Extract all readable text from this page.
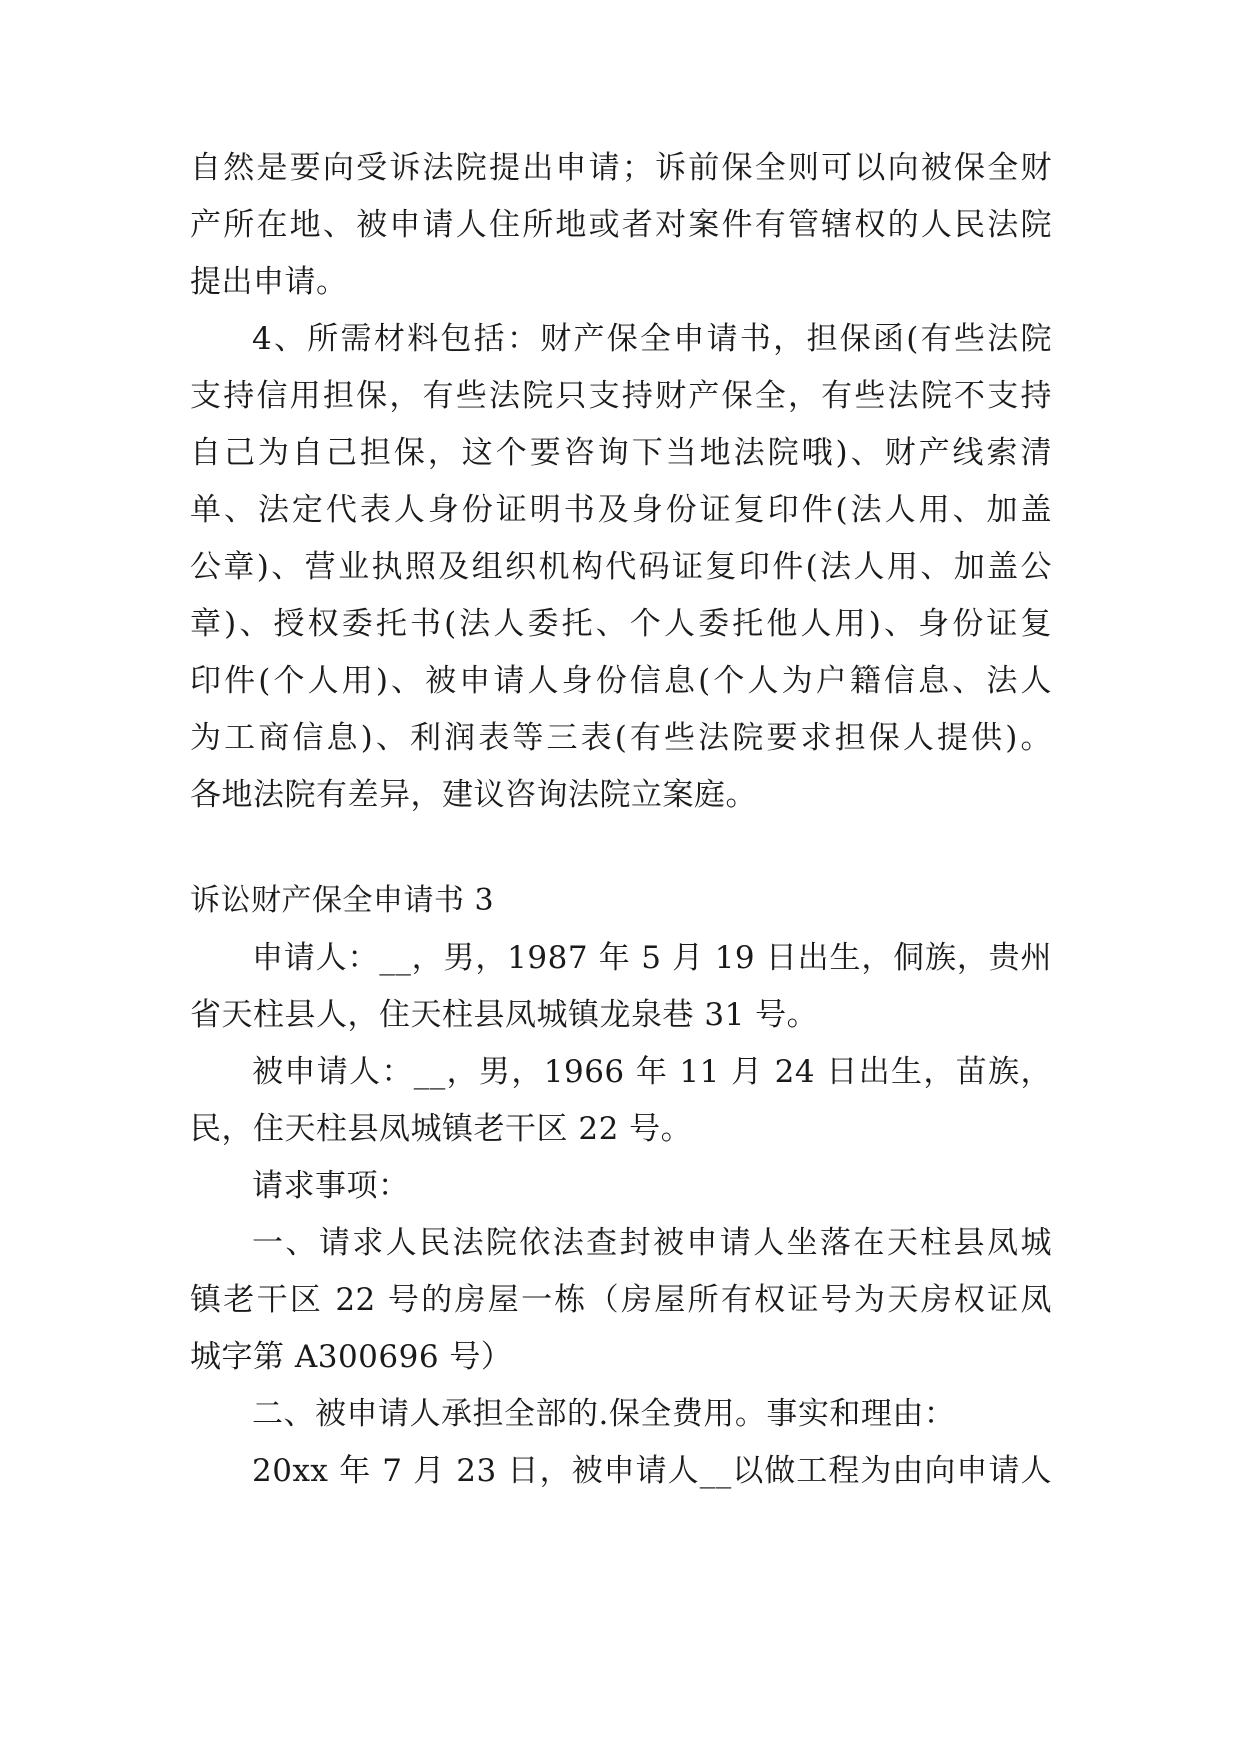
自然是要向受诉法院提出申请；诉前保全则可以向被保全财
产所在地、被申请人住所地或者对案件有管辖权的人民法院
提出申请。
4、所需材料包括：财产保全申请书，担保函(有些法院
支持信用担保，有些法院只支持财产保全，有些法院不支持
自己为自己担保，这个要咨询下当地法院哦)、财产线索清
单、法定代表人身份证明书及身份证复印件(法人用、加盖
公章)、营业执照及组织机构代码证复印件(法人用、加盖公
章)、授权委托书(法人委托、个人委托他人用)、身份证复
印件(个人用)、被申请人身份信息(个人为户籍信息、法人
为工商信息)、利润表等三表(有些法院要求担保人提供)。
各地法院有差异，建议咨询法院立案庭。
诉讼财产保全申请书 3
申请人：__，男，1987 年 5 月 19 日出生，侗族，贵州
省天柱县人，住天柱县凤城镇龙泉巷 31 号。
被申请人：__，男，1966 年 11 月 24 日出生，苗族，
民，住天柱县凤城镇老干区 22 号。
请求事项：
一、请求人民法院依法查封被申请人坐落在天柱县凤城
镇老干区 22 号的房屋一栋（房屋所有权证号为天房权证凤
城字第 A300696 号）
二、被申请人承担全部的.保全费用。事实和理由：
20xx 年 7 月 23 日，被申请人__以做工程为由向申请人
